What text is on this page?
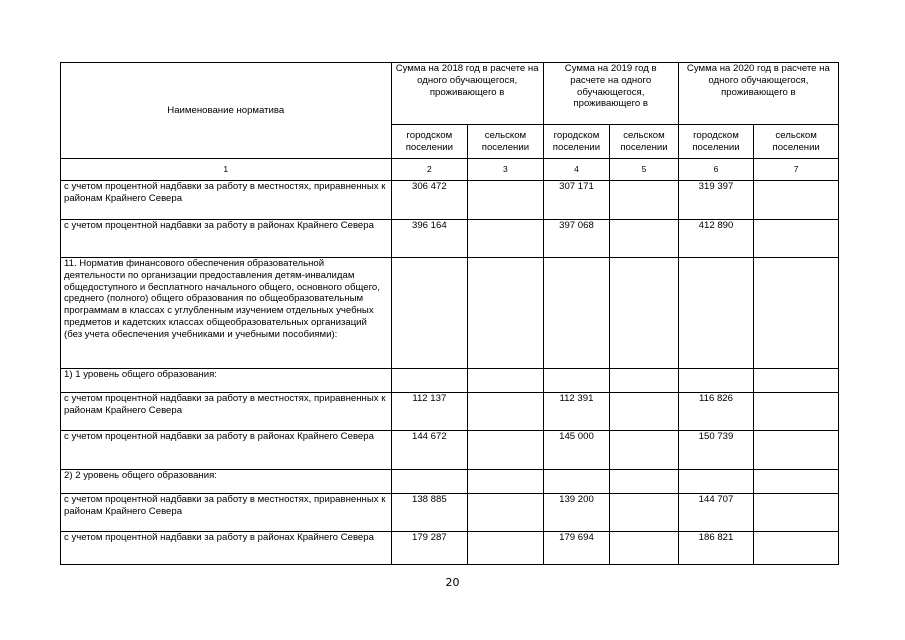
Наименование норматива	Сумма на 2018 год в расчете на одного обучающегося, проживающего в		Сумма на 2019 год в расчете на одного обучающегося, проживающего в		Сумма на 2020 год в расчете на одного обучающегося, проживающего в	
	городском поселении	сельском поселении	городском поселении	сельском поселении	городском поселении	сельском поселении
1	2	3	4	5	6	7
с учетом процентной надбавки за работу в местностях, приравненных к районам Крайнего Севера	306 472		307 171		319 397	
с учетом процентной надбавки за работу в районах Крайнего Севера	396 164		397 068		412 890	
11. Норматив финансового обеспечения образовательной деятельности по организации предоставления детям-инвалидам общедоступного и бесплатного начального общего, основного общего, среднего (полного) общего образования по общеобразовательным программам в классах с углубленным изучением отдельных учебных предметов и кадетских классах общеобразовательных организаций (без учета обеспечения учебниками и учебными пособиями):						
1) 1 уровень общего образования:						
с учетом процентной надбавки за работу в местностях, приравненных к районам Крайнего Севера	112 137		112 391		116 826	
с учетом процентной надбавки за работу в районах Крайнего Севера	144 672		145 000		150 739	
2) 2 уровень общего образования:						
с учетом процентной надбавки за работу в местностях, приравненных к районам Крайнего Севера	138 885		139 200		144 707	
с учетом процентной надбавки за работу в районах Крайнего Севера	179 287		179 694		186 821	
20
